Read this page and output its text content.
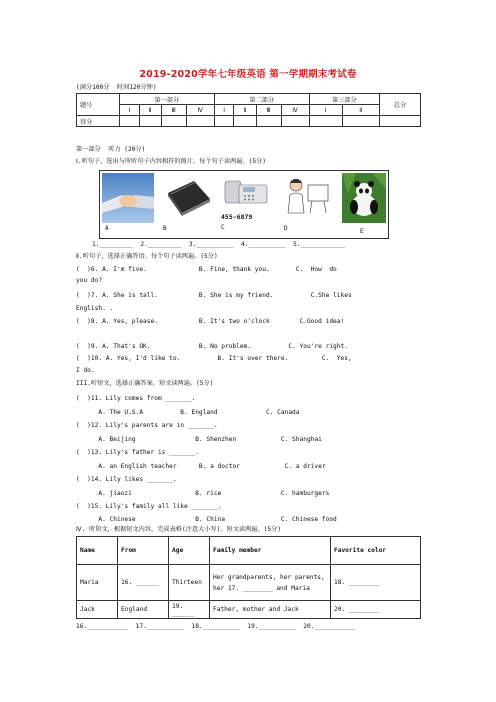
2019-2020学年七年级英语 第一学期期末考试卷
(满分100分  时间120分钟)
题号	第一部分				第二部分				第三部分		总分
	Ⅰ	Ⅱ	Ⅲ	Ⅳ	Ⅰ	Ⅱ	Ⅲ	Ⅳ	Ⅰ	Ⅱ	
得分											
第一部分  听力 (20分)
Ⅰ.听句子，选出与所听句子内容相符的图片。每个句子读两遍。(5分)
A	B
455-6879
C	D	E
1._________  2._________  3.__________  4.__________  5.____________
Ⅱ.听句子，选择正确答语。每个句子读两遍。(5分)
(  )6. A. I'm five.              B. Fine, thank you.       C.  How  do
you do?
(  )7. A. She is tall.           B. She is my friend.          C.She likes
English. .
(  )8. A. Yes, please.           B. It's two o'clock        C.Good idea!
(  )9. A. That's OK.             B. No problem.          C. You're right.
(  )10. A. Yes, I'd like to.          B. It's over there.         C.  Yes,
I do.
III.听短文，选择正确答案。短文读两遍。(5分)
(  )11. Lily comes from _______.
A. The U.S.A          B. England             C. Canada
(  )12. Lily's parents are in _______.
A. Beijing                B. Shenzhen            C. Shanghai
(  )13. Lily's father is _______.
A. an English teacher      B. a doctor            C. a driver
(  )14. Lily likes _______.
A. jiaozi                 B. rice                C. hamburgers
(  )15. Lily's family all like _______.
A. Chinese                B. China               C. Chinese food
Ⅳ. 听短文，根据短文内容，完成表格(注意大小写)。短文读两遍。(5分)
Name	From	Age	Family member	Favorite color
Maria	16. ______	Thirteen	Her grandparents, her parents, her 17. ________ and Maria	18. ________
Jack	England	19. ______	Father, mother and Jack	20. ________
16.___________  17.__________  18.__________  19.__________  20.___________
